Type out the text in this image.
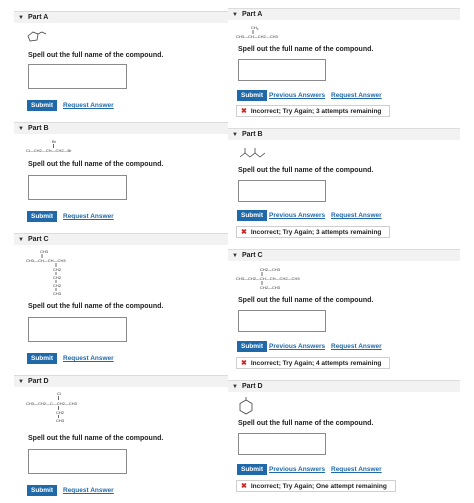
▼ Part A
Spell out the full name of the compound.
Submit	Request Answer
▼ Part B
Br
Cl—CH2—CH—CH2—Br
Spell out the full name of the compound.
Submit	Request Answer
▼ Part C
CH3
CH3—CH—CH—CH3
CH2
CH2
CH2
CH3
Spell out the full name of the compound.
Submit	Request Answer
▼ Part D
Cl
CH3—CH2—C—CH2—CH3
CH2
CH3
Spell out the full name of the compound.
Submit	Request Answer
▼ Part A
$CH_3$
CH3—CH—CH2—CH3
Spell out the full name of the compound.
Submit Previous Answers Request Answer
✖ Incorrect; Try Again; 3 attempts remaining
▼ Part B
Spell out the full name of the compound.
Submit Previous Answers Request Answer
✖ Incorrect; Try Again; 3 attempts remaining
▼ Part C
CH2—CH3
CH3—CH2—CH—CH—CH2—CH3
CH2—CH3
Spell out the full name of the compound.
Submit Previous Answers Request Answer
✖ Incorrect; Try Again; 4 attempts remaining
▼ Part D
Spell out the full name of the compound.
Submit Previous Answers Request Answer
✖ Incorrect; Try Again; One attempt remaining
